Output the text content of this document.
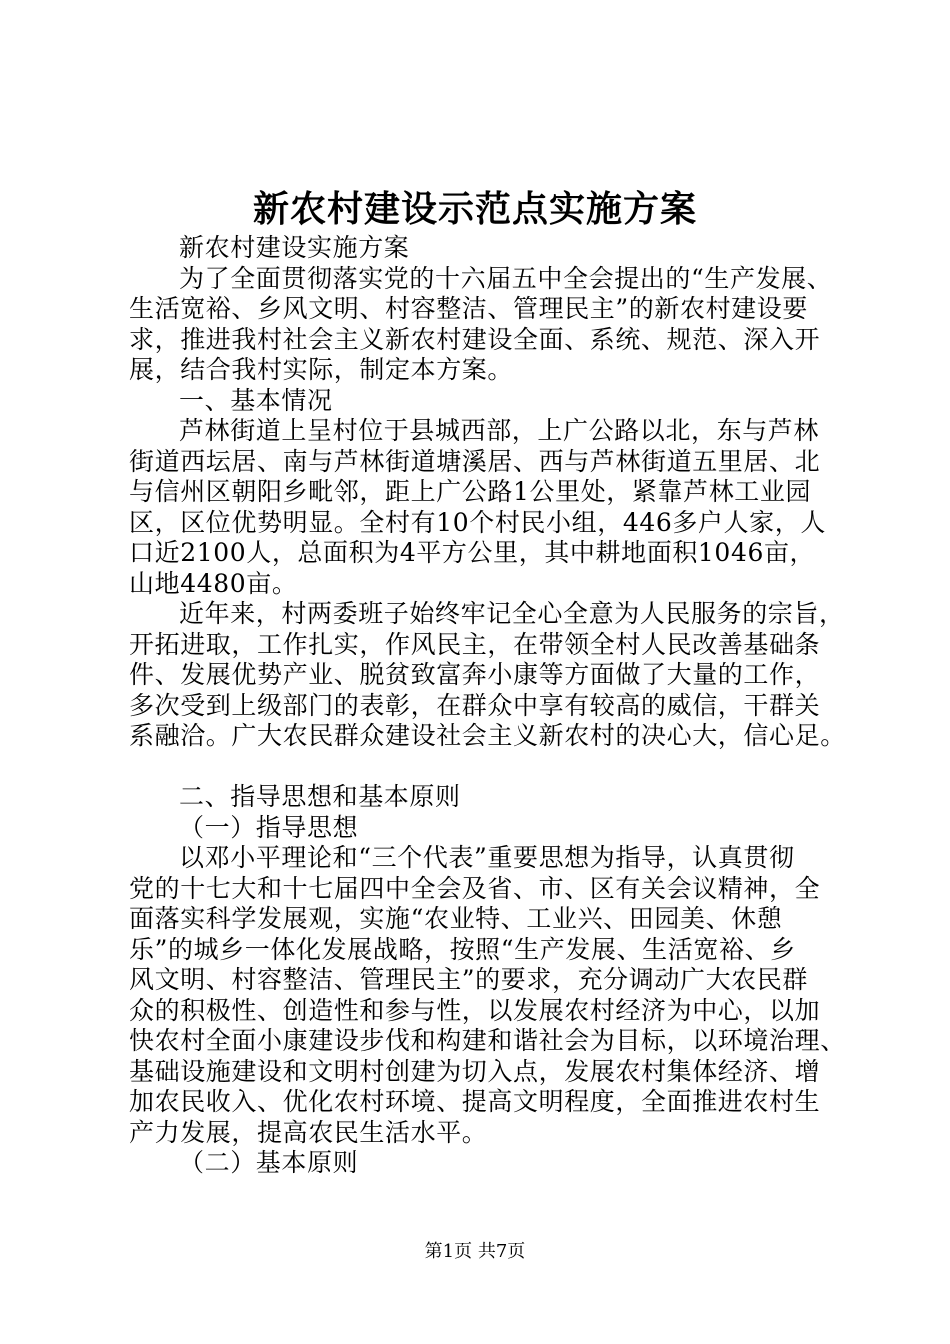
新农村建设示范点实施方案
新农村建设实施方案
为了全面贯彻落实党的十六届五中全会提出的“生产发展、
生活宽裕、乡风文明、村容整洁、管理民主”的新农村建设要
求，推进我村社会主义新农村建设全面、系统、规范、深入开
展，结合我村实际，制定本方案。
一、基本情况
芦林街道上呈村位于县城西部，上广公路以北，东与芦林
街道西坛居、南与芦林街道塘溪居、西与芦林街道五里居、北
与信州区朝阳乡毗邻，距上广公路1公里处，紧靠芦林工业园
区，区位优势明显。全村有10个村民小组，446多户人家，人
口近2100人，总面积为4平方公里，其中耕地面积1046亩，
山地4480亩。
近年来，村两委班子始终牢记全心全意为人民服务的宗旨，
开拓进取，工作扎实，作风民主，在带领全村人民改善基础条
件、发展优势产业、脱贫致富奔小康等方面做了大量的工作，
多次受到上级部门的表彰，在群众中享有较高的威信，干群关
系融洽。广大农民群众建设社会主义新农村的决心大，信心足。
二、指导思想和基本原则
（一）指导思想
以邓小平理论和“三个代表”重要思想为指导，认真贯彻
党的十七大和十七届四中全会及省、市、区有关会议精神，全
面落实科学发展观，实施“农业特、工业兴、田园美、休憩
乐”的城乡一体化发展战略，按照“生产发展、生活宽裕、乡
风文明、村容整洁、管理民主”的要求，充分调动广大农民群
众的积极性、创造性和参与性，以发展农村经济为中心，以加
快农村全面小康建设步伐和构建和谐社会为目标，以环境治理、
基础设施建设和文明村创建为切入点，发展农村集体经济、增
加农民收入、优化农村环境、提高文明程度，全面推进农村生
产力发展，提高农民生活水平。
（二）基本原则
第1页 共7页
